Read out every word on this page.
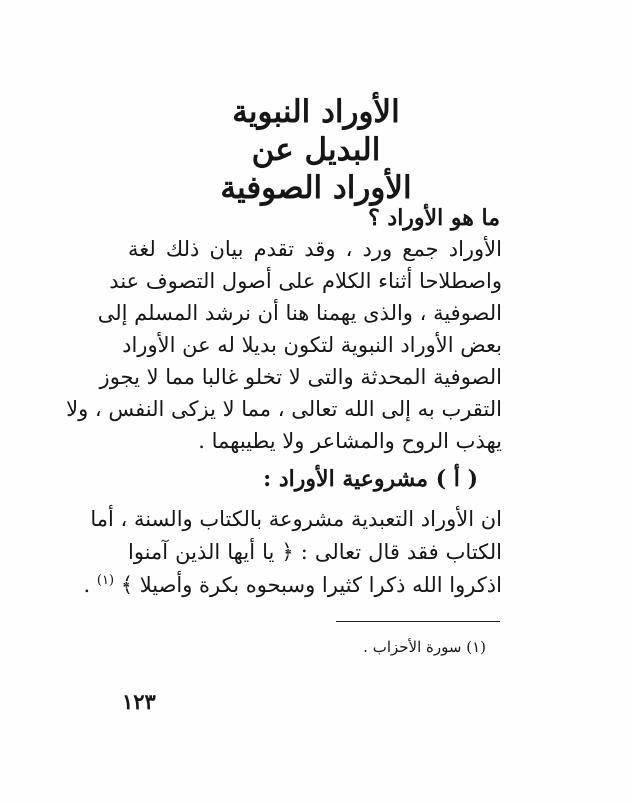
الأوراد النبوية
البديل عن
الأوراد الصوفية
ما هو الأوراد ؟
الأوراد جمع ورد ، وقد تقدم بيان ذلك لغة
واصطلاحا أثناء الكلام على أصول التصوف عند
الصوفية ، والذى يهمنا هنا أن نرشد المسلم إلى
بعض الأوراد النبوية لتكون بديلا له عن الأوراد
الصوفية المحدثة والتى لا تخلو غالبا مما لا يجوز
التقرب به إلى الله تعالى ، مما لا يزكى النفس ، ولا
يهذب الروح والمشاعر ولا يطيبهما .
( أ ) مشروعية الأوراد :
ان الأوراد التعبدية مشروعة بالكتاب والسنة ، أما
الكتاب فقد قال تعالى : ﴿ يا أيها الذين آمنوا
اذكروا الله ذكرا كثيرا وسبحوه بكرة وأصيلا ﴾ $^{(١)}$ .
(١) سورة الأحزاب .
١٢٣
